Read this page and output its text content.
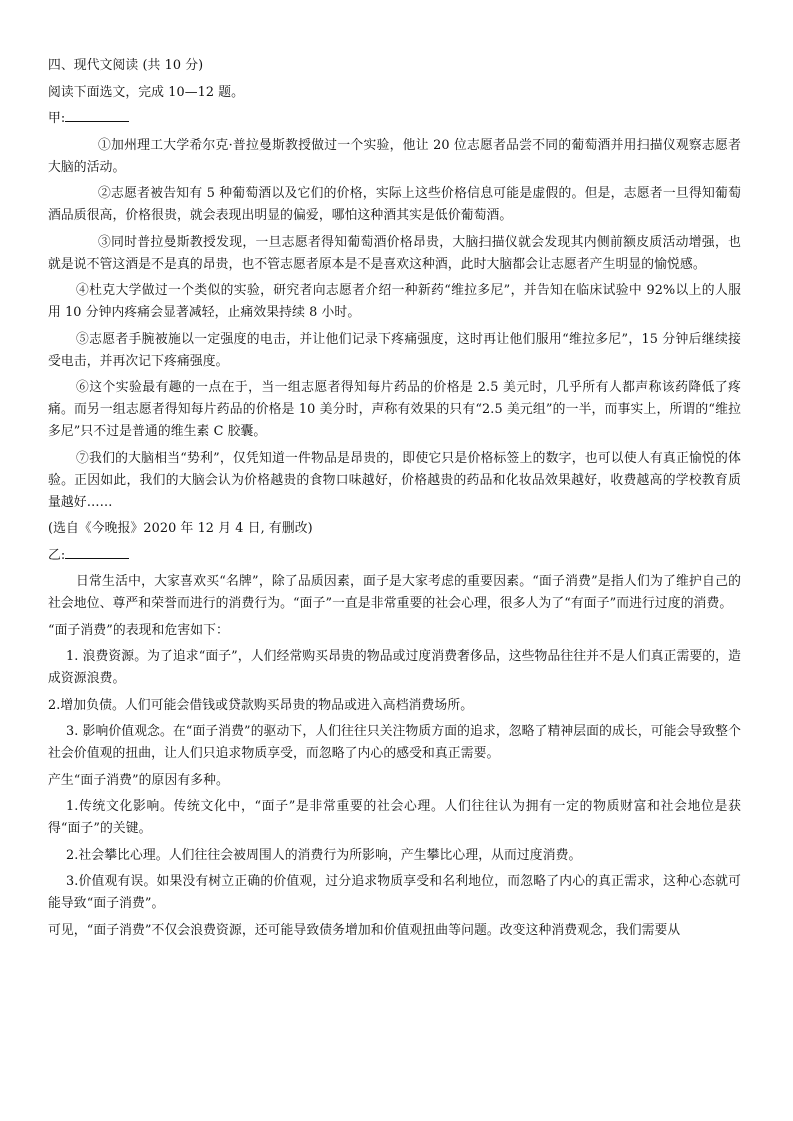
四、现代文阅读 (共 10 分)

阅读下面选文，完成 10—12 题。

甲:

①加州理工大学希尔克·普拉曼斯教授做过一个实验，他让 20 位志愿者品尝不同的葡萄酒并用扫描仪观察志愿者大脑的活动。

②志愿者被告知有 5 种葡萄酒以及它们的价格，实际上这些价格信息可能是虚假的。但是，志愿者一旦得知葡萄酒品质很高，价格很贵，就会表现出明显的偏爱，哪怕这种酒其实是低价葡萄酒。

③同时普拉曼斯教授发现，一旦志愿者得知葡萄酒价格昂贵，大脑扫描仪就会发现其内侧前额皮质活动增强，也就是说不管这酒是不是真的昂贵，也不管志愿者原本是不是喜欢这种酒，此时大脑都会让志愿者产生明显的愉悦感。

④杜克大学做过一个类似的实验，研究者向志愿者介绍一种新药“维拉多尼”，并告知在临床试验中 92%以上的人服用 10 分钟内疼痛会显著减轻，止痛效果持续 8 小时。

⑤志愿者手腕被施以一定强度的电击，并让他们记录下疼痛强度，这时再让他们服用“维拉多尼”，15 分钟后继续接受电击，并再次记下疼痛强度。

⑥这个实验最有趣的一点在于，当一组志愿者得知每片药品的价格是 2.5 美元时，几乎所有人都声称该药降低了疼痛。而另一组志愿者得知每片药品的价格是 10 美分时，声称有效果的只有“2.5 美元组”的一半，而事实上，所谓的“维拉多尼”只不过是普通的维生素 C 胶囊。

⑦我们的大脑相当“势利”，仅凭知道一件物品是昂贵的，即使它只是价格标签上的数字，也可以使人有真正愉悦的体验。正因如此，我们的大脑会认为价格越贵的食物口味越好，价格越贵的药品和化妆品效果越好，收费越高的学校教育质量越好……

(选自《今晚报》2020 年 12 月 4 日, 有删改)

乙:

日常生活中，大家喜欢买“名牌”，除了品质因素，面子是大家考虑的重要因素。“面子消费”是指人们为了维护自己的社会地位、尊严和荣誉而进行的消费行为。“面子”一直是非常重要的社会心理，很多人为了“有面子”而进行过度的消费。

“面子消费”的表现和危害如下：

1. 浪费资源。为了追求“面子”，人们经常购买昂贵的物品或过度消费奢侈品，这些物品往往并不是人们真正需要的，造成资源浪费。

2.增加负债。人们可能会借钱或贷款购买昂贵的物品或进入高档消费场所。

3. 影响价值观念。在“面子消费”的驱动下，人们往往只关注物质方面的追求，忽略了精神层面的成长，可能会导致整个社会价值观的扭曲，让人们只追求物质享受，而忽略了内心的感受和真正需要。

产生“面子消费”的原因有多种。

1.传统文化影响。传统文化中，“面子”是非常重要的社会心理。人们往往认为拥有一定的物质财富和社会地位是获得“面子”的关键。

2.社会攀比心理。人们往往会被周围人的消费行为所影响，产生攀比心理，从而过度消费。

3.价值观有误。如果没有树立正确的价值观，过分追求物质享受和名利地位，而忽略了内心的真正需求，这种心态就可能导致“面子消费”。

可见，“面子消费”不仅会浪费资源，还可能导致债务增加和价值观扭曲等问题。改变这种消费观念，我们需要从
